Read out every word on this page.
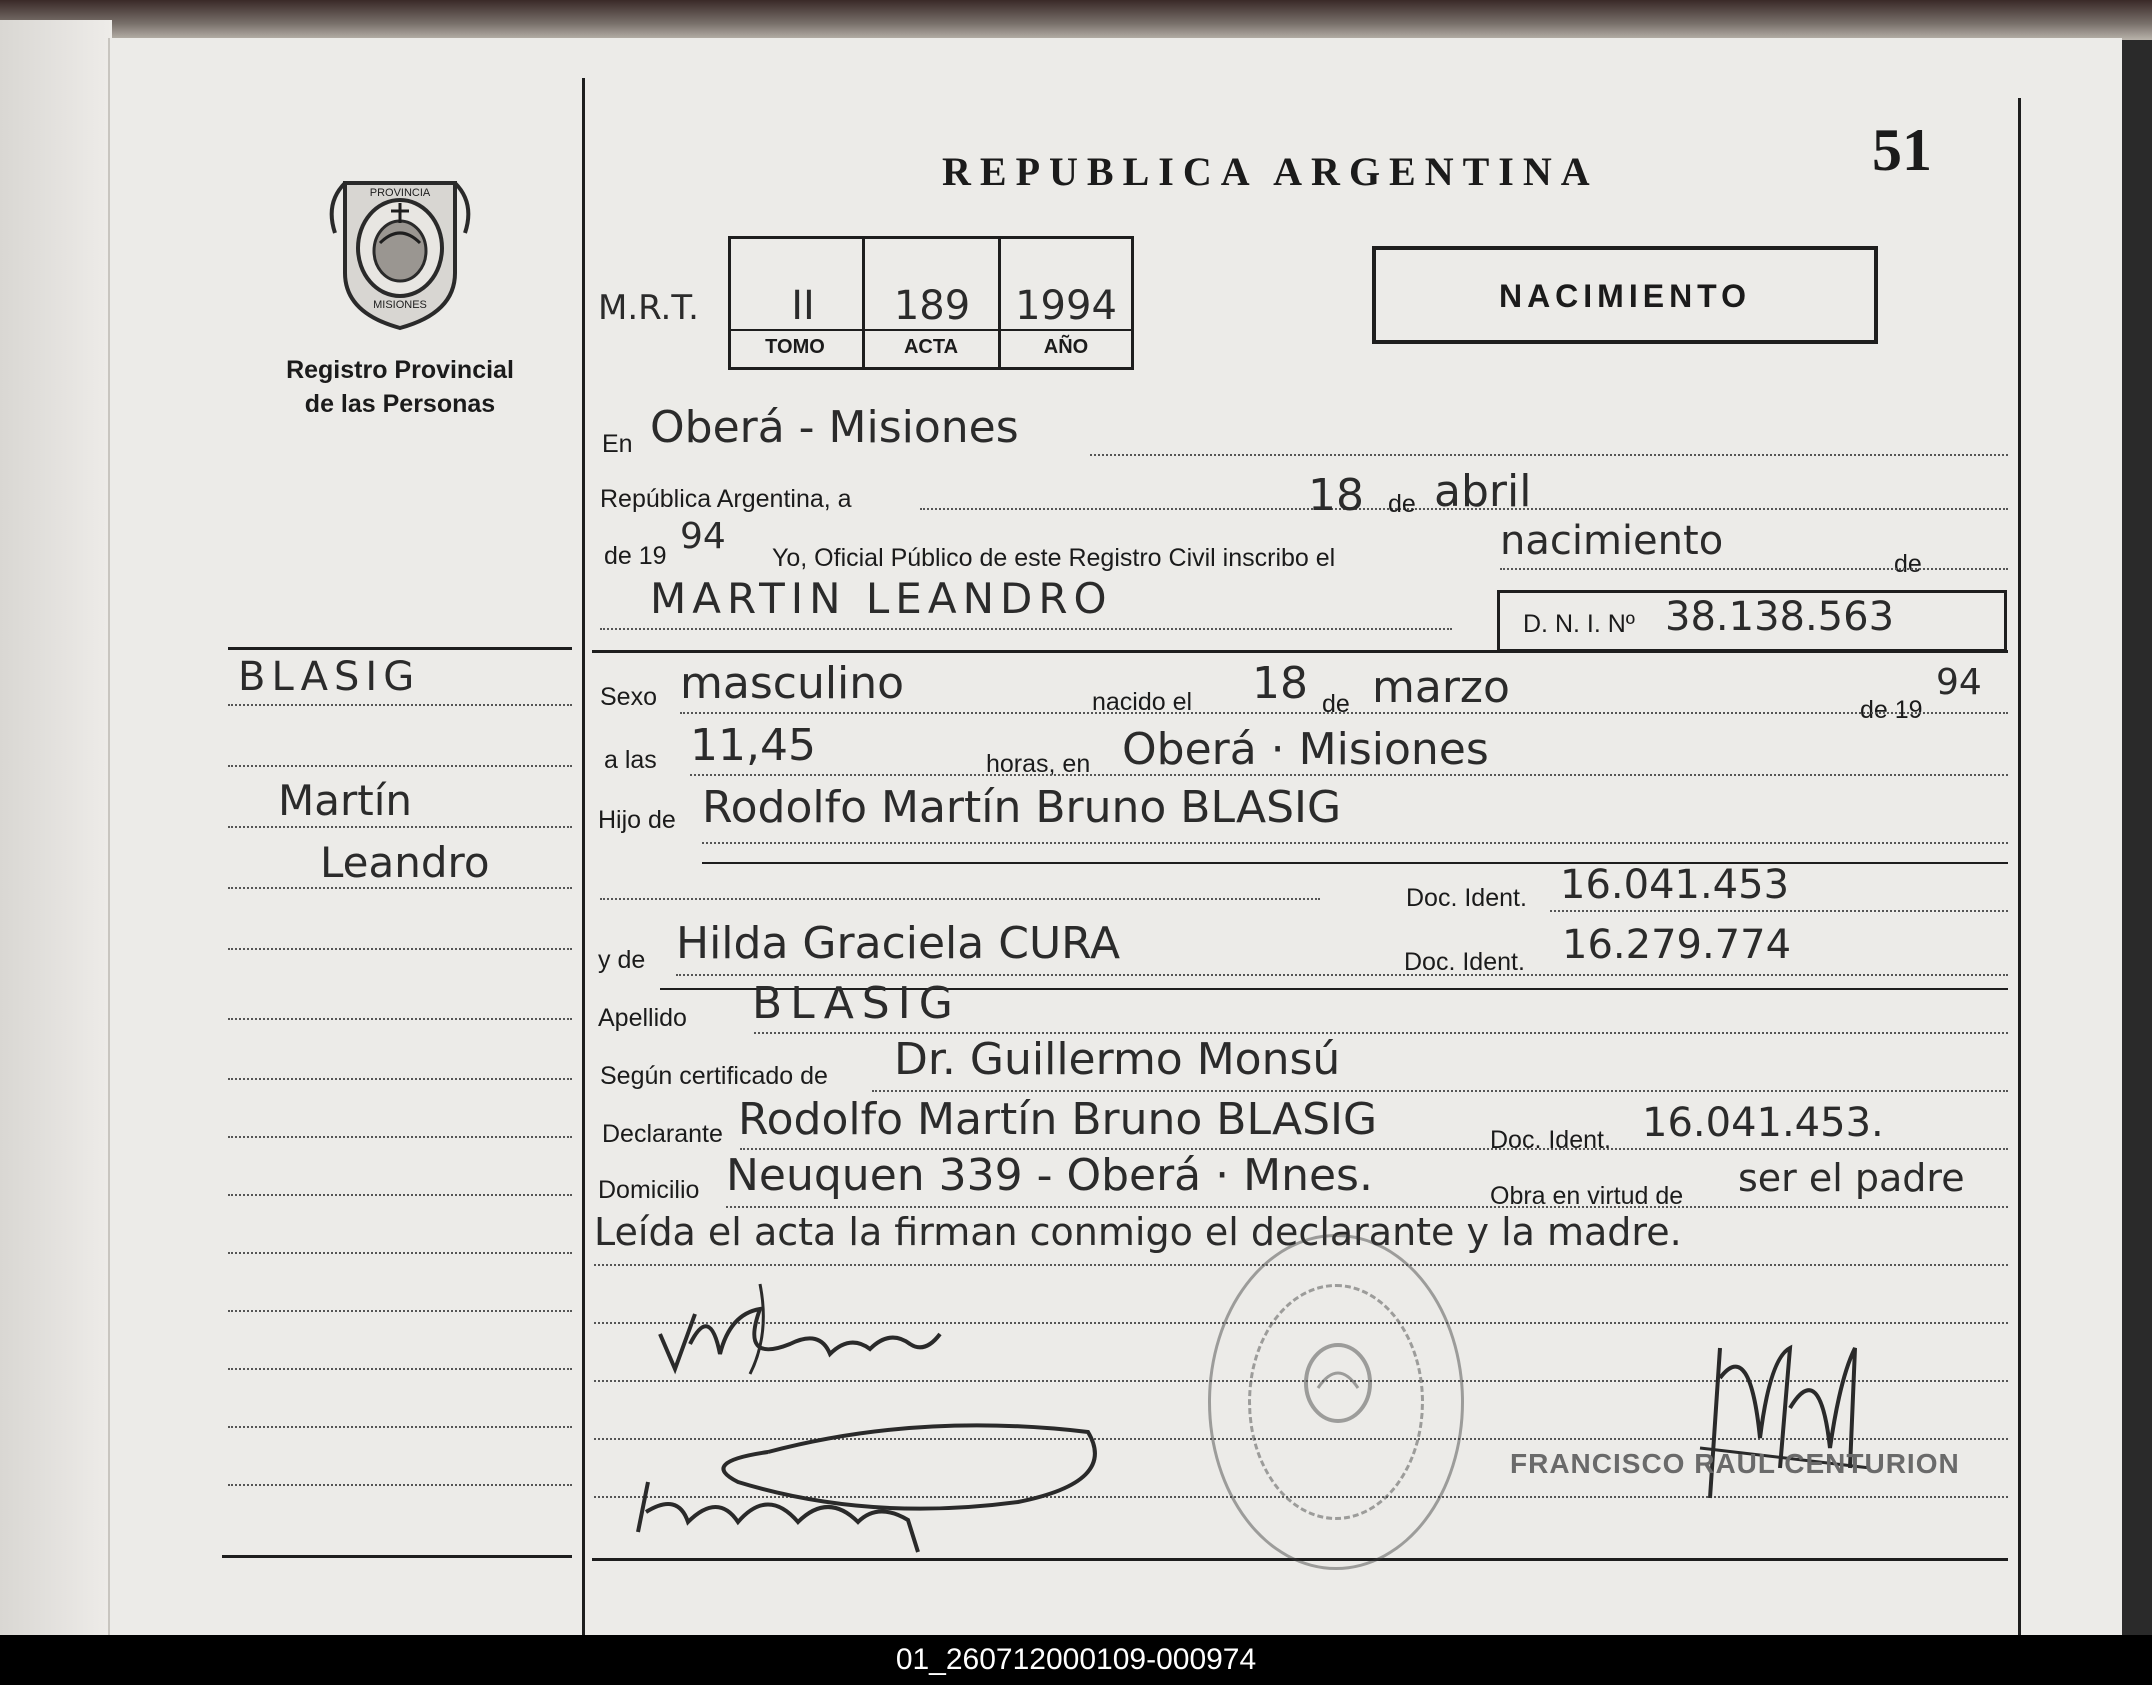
REPUBLICA ARGENTINA	51
NACIMIENTO
PROVINCIA
MISIONES
Registro Provincial
de las Personas
M.R.T.	II	189	1994
TOMO	ACTA	AÑO
BLASIG
Martín
Leandro
En Oberá - Misiones
República Argentina, a	18 de abril
de 19 94
Yo, Oficial Público de este Registro Civil inscribo el	nacimiento	de
MARTIN LEANDRO
D. N. I. Nº 38.138.563
Sexo masculino	nacido el 18 de marzo	de 19
94
a las 11,45	horas, en Oberá · Misiones
Hijo de Rodolfo Martín Bruno BLASIG
Doc. Ident. 16.041.453
y de Hilda Graciela CURA	Doc. Ident. 16.279.774
Apellido BLASIG
Según certificado de Dr. Guillermo Monsú
Declarante Rodolfo Martín Bruno BLASIG	Doc. Ident. 16.041.453.
Domicilio Neuquen 339 - Oberá · Mnes.	Obra en virtud de ser el padre
Leída el acta la firman conmigo el declarante y la madre.
FRANCISCO RAUL CENTURION
01_260712000109-000974
